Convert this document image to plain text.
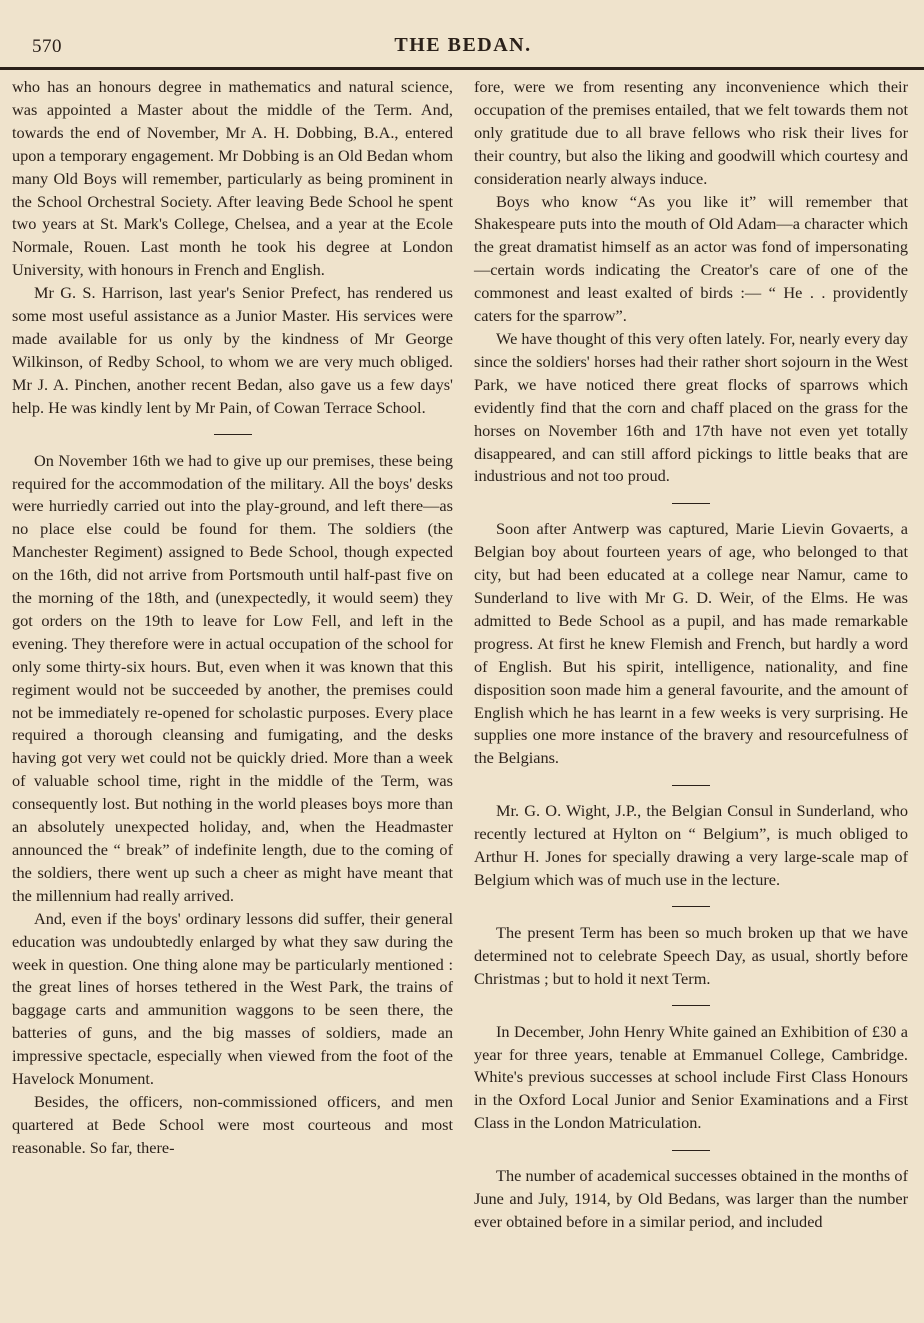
570	THE BEDAN.

who has an honours degree in mathematics and natural science, was appointed a Master about the middle of the Term. And, towards the end of November, Mr A. H. Dobbing, B.A., entered upon a temporary engagement. Mr Dobbing is an Old Bedan whom many Old Boys will remember, particularly as being prominent in the School Orchestral Society. After leaving Bede School he spent two years at St. Mark's College, Chelsea, and a year at the Ecole Normale, Rouen. Last month he took his degree at London University, with honours in French and English.

Mr G. S. Harrison, last year's Senior Prefect, has rendered us some most useful assistance as a Junior Master. His services were made available for us only by the kindness of Mr George Wilkinson, of Redby School, to whom we are very much obliged. Mr J. A. Pinchen, another recent Bedan, also gave us a few days' help. He was kindly lent by Mr Pain, of Cowan Terrace School.

On November 16th we had to give up our premises, these being required for the accommodation of the military. All the boys' desks were hurriedly carried out into the play-ground, and left there—as no place else could be found for them. The soldiers (the Manchester Regiment) assigned to Bede School, though expected on the 16th, did not arrive from Portsmouth until half-past five on the morning of the 18th, and (unexpectedly, it would seem) they got orders on the 19th to leave for Low Fell, and left in the evening. They therefore were in actual occupation of the school for only some thirty-six hours. But, even when it was known that this regiment would not be succeeded by another, the premises could not be immediately re-opened for scholastic purposes. Every place required a thorough cleansing and fumigating, and the desks having got very wet could not be quickly dried. More than a week of valuable school time, right in the middle of the Term, was consequently lost. But nothing in the world pleases boys more than an absolutely unexpected holiday, and, when the Headmaster announced the “ break” of indefinite length, due to the coming of the soldiers, there went up such a cheer as might have meant that the millennium had really arrived.

And, even if the boys' ordinary lessons did suffer, their general education was undoubtedly enlarged by what they saw during the week in question. One thing alone may be particularly mentioned : the great lines of horses tethered in the West Park, the trains of baggage carts and ammunition waggons to be seen there, the batteries of guns, and the big masses of soldiers, made an impressive spectacle, especially when viewed from the foot of the Havelock Monument.

Besides, the officers, non-commissioned officers, and men quartered at Bede School were most courteous and most reasonable. So far, there-

fore, were we from resenting any inconvenience which their occupation of the premises entailed, that we felt towards them not only gratitude due to all brave fellows who risk their lives for their country, but also the liking and goodwill which courtesy and consideration nearly always induce.

Boys who know “As you like it” will remember that Shakespeare puts into the mouth of Old Adam—a character which the great dramatist himself as an actor was fond of impersonating—certain words indicating the Creator's care of one of the commonest and least exalted of birds :— “ He . . providently caters for the sparrow”.

We have thought of this very often lately. For, nearly every day since the soldiers' horses had their rather short sojourn in the West Park, we have noticed there great flocks of sparrows which evidently find that the corn and chaff placed on the grass for the horses on November 16th and 17th have not even yet totally disappeared, and can still afford pickings to little beaks that are industrious and not too proud.

Soon after Antwerp was captured, Marie Lievin Govaerts, a Belgian boy about fourteen years of age, who belonged to that city, but had been educated at a college near Namur, came to Sunderland to live with Mr G. D. Weir, of the Elms. He was admitted to Bede School as a pupil, and has made remarkable progress. At first he knew Flemish and French, but hardly a word of English. But his spirit, intelligence, nationality, and fine disposition soon made him a general favourite, and the amount of English which he has learnt in a few weeks is very surprising. He supplies one more instance of the bravery and resourcefulness of the Belgians.

Mr. G. O. Wight, J.P., the Belgian Consul in Sunderland, who recently lectured at Hylton on “ Belgium”, is much obliged to Arthur H. Jones for specially drawing a very large-scale map of Belgium which was of much use in the lecture.

The present Term has been so much broken up that we have determined not to celebrate Speech Day, as usual, shortly before Christmas ; but to hold it next Term.

In December, John Henry White gained an Exhibition of £30 a year for three years, tenable at Emmanuel College, Cambridge. White's previous successes at school include First Class Honours in the Oxford Local Junior and Senior Examinations and a First Class in the London Matriculation.

The number of academical successes obtained in the months of June and July, 1914, by Old Bedans, was larger than the number ever obtained before in a similar period, and included
